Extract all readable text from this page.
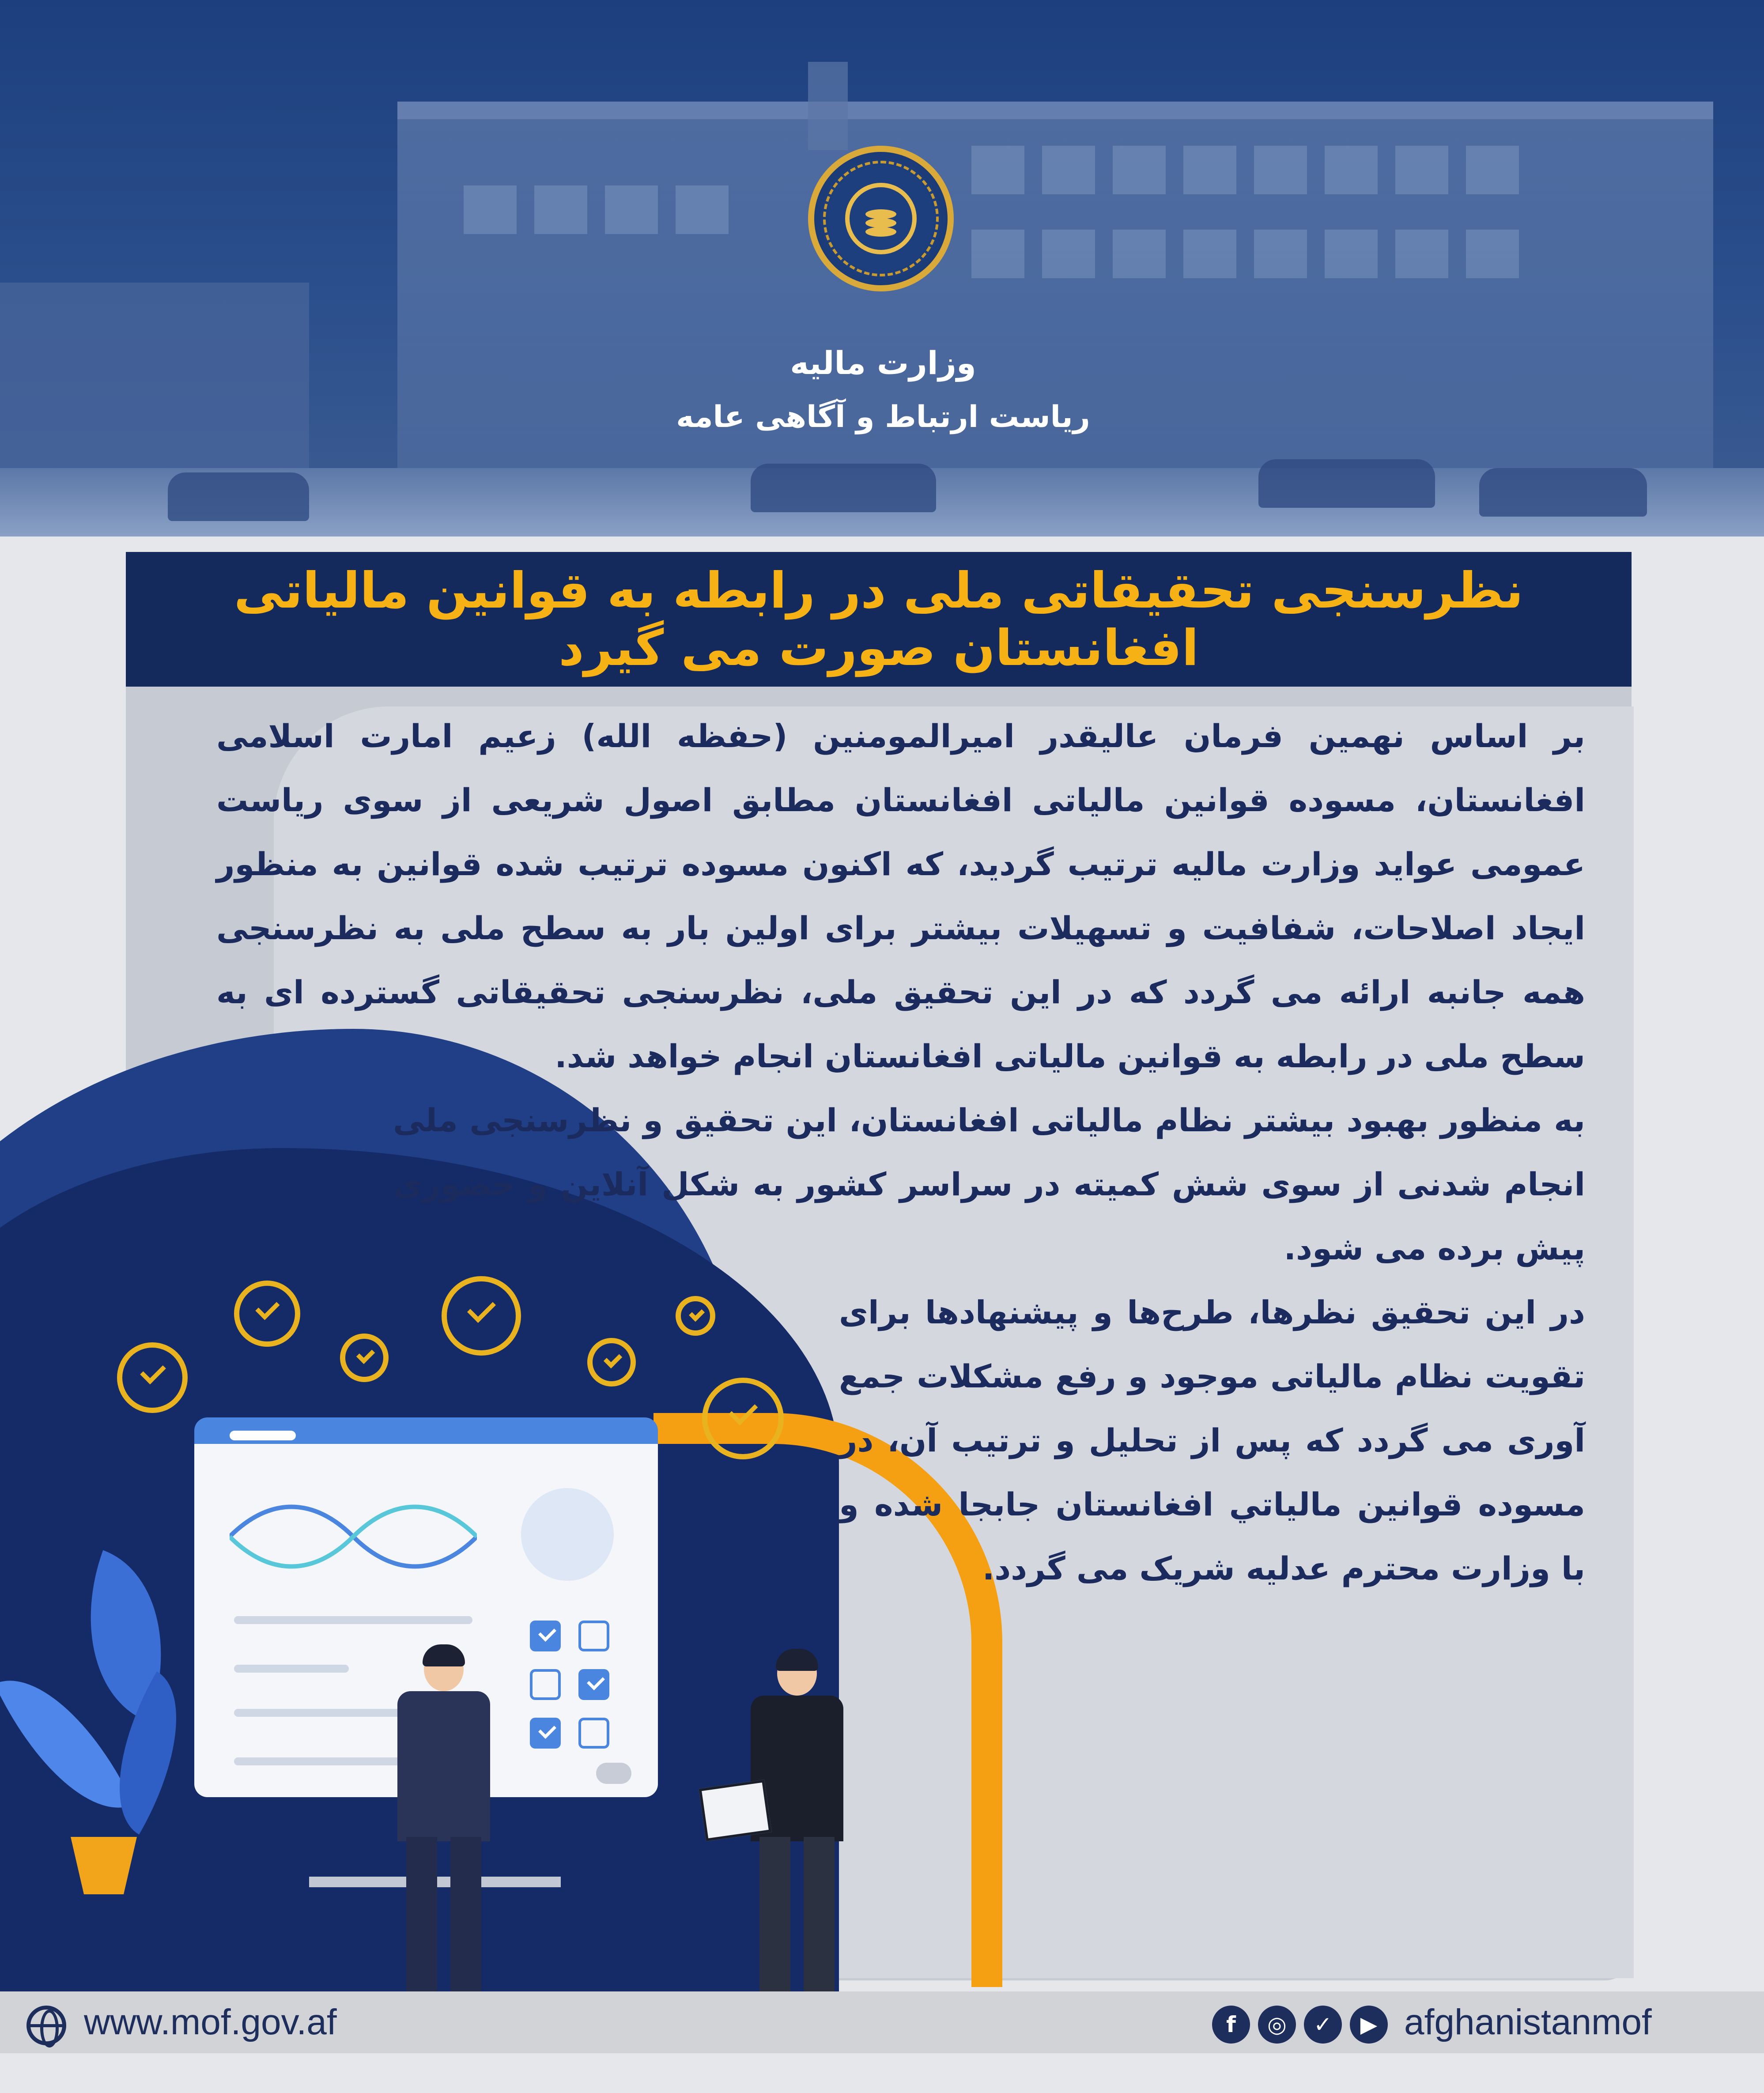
وزارت مالیه
ریاست ارتباط و آگاهی عامه
نظرسنجی تحقیقاتی ملی در رابطه به قوانین مالیاتی افغانستان صورت می گیرد

بر اساس نهمین فرمان عالیقدر امیرالمومنین (حفظه الله) زعیم امارت اسلامی افغانستان، مسوده قوانین مالیاتی افغانستان مطابق اصول شریعی از سوی ریاست عمومی عواید وزارت مالیه ترتیب گردید، که اکنون مسوده ترتیب شده قوانین به منظور ایجاد اصلاحات، شفافیت و تسهیلات بیشتر برای اولین بار به سطح ملی به نظرسنجی همه جانبه ارائه می گردد که در این تحقیق ملی، نظرسنجی تحقیقاتی گسترده ای به سطح ملی در رابطه به قوانین مالیاتی افغانستان انجام خواهد شد.

به منظور بهبود بیشتر نظام مالیاتی افغانستان، این تحقیق و نظرسنجی ملی انجام شدنی از سوی شش کمیته در سراسر کشور به شکل آنلاین و حضوری پیش برده می شود.

در این تحقیق نظرها، طرح‌ها و پیشنهادها برای تقویت نظام مالیاتی موجود و رفع مشکلات جمع آوری می گردد که پس از تحلیل و ترتیب آن، در مسوده قوانین مالیاتي افغانستان جابجا شده و با وزارت محترم عدلیه شریک می گردد.

www.mof.gov.af	f	◎	✓	▶ afghanistanmof
